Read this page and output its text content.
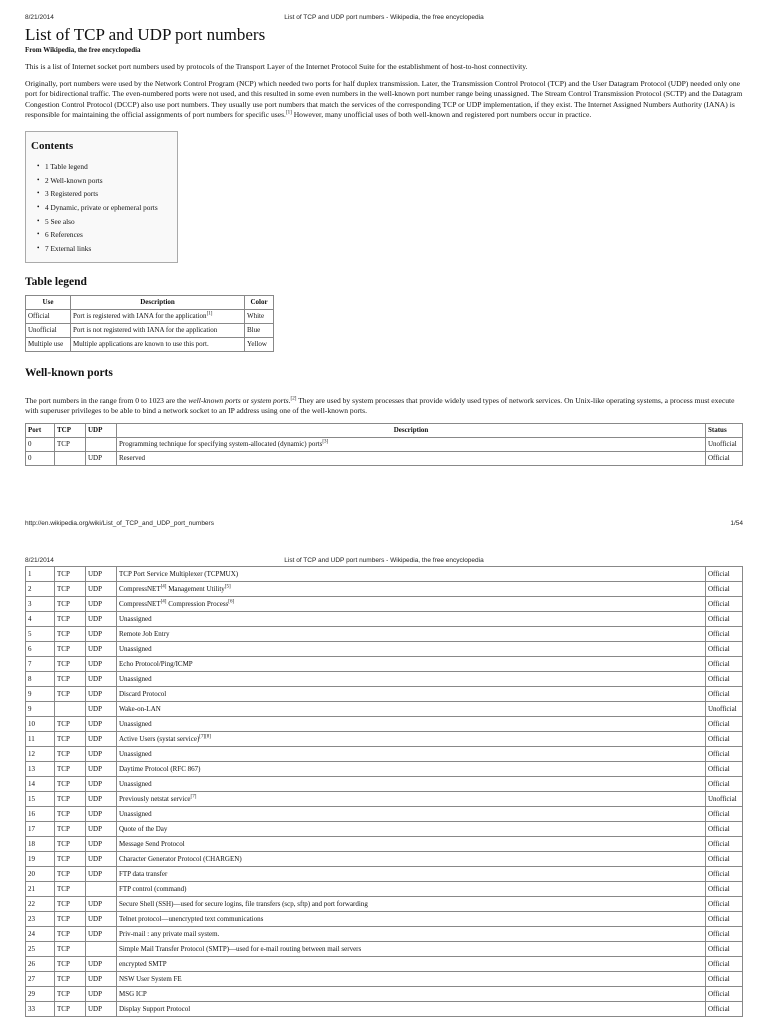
8/21/2014	List of TCP and UDP port numbers - Wikipedia, the free encyclopedia
List of TCP and UDP port numbers
From Wikipedia, the free encyclopedia

This is a list of Internet socket port numbers used by protocols of the Transport Layer of the Internet Protocol Suite for the establishment of host-to-host connectivity.

Originally, port numbers were used by the Network Control Program (NCP) which needed two ports for half duplex transmission. Later, the Transmission Control Protocol (TCP) and the User Datagram Protocol (UDP) needed only one port for bidirectional traffic. The even-numbered ports were not used, and this resulted in some even numbers in the well-known port number range being unassigned. The Stream Control Transmission Protocol (SCTP) and the Datagram Congestion Control Protocol (DCCP) also use port numbers. They usually use port numbers that match the services of the corresponding TCP or UDP implementation, if they exist. The Internet Assigned Numbers Authority (IANA) is responsible for maintaining the official assignments of port numbers for specific uses.[1] However, many unofficial uses of both well-known and registered port numbers occur in practice.

Contents
• 1 Table legend
• 2 Well-known ports
• 3 Registered ports
• 4 Dynamic, private or ephemeral ports
• 5 See also
• 6 References
• 7 External links
Table legend
Use	Description	Color
Official	Port is registered with IANA for the application[1]	White
Unofficial	Port is not registered with IANA for the application	Blue
Multiple use	Multiple applications are known to use this port.	Yellow
Well-known ports

The port numbers in the range from 0 to 1023 are the well-known ports or system ports.[2] They are used by system processes that provide widely used types of network services. On Unix-like operating systems, a process must execute with superuser privileges to be able to bind a network socket to an IP address using one of the well-known ports.

Port	TCP	UDP	Description	Status
0	TCP		Programming technique for specifying system-allocated (dynamic) ports[3]	Unofficial
0		UDP	Reserved	Official
http://en.wikipedia.org/wiki/List_of_TCP_and_UDP_port_numbers	1/54
8/21/2014	List of TCP and UDP port numbers - Wikipedia, the free encyclopedia
1	TCP	UDP	TCP Port Service Multiplexer (TCPMUX)	Official
2	TCP	UDP	CompressNET[4] Management Utility[5]	Official
3	TCP	UDP	CompressNET[4] Compression Process[6]	Official
4	TCP	UDP	Unassigned	Official
5	TCP	UDP	Remote Job Entry	Official
6	TCP	UDP	Unassigned	Official
7	TCP	UDP	Echo Protocol/Ping/ICMP	Official
8	TCP	UDP	Unassigned	Official
9	TCP	UDP	Discard Protocol	Official
9		UDP	Wake-on-LAN	Unofficial
10	TCP	UDP	Unassigned	Official
11	TCP	UDP	Active Users (systat service)[7][8]	Official
12	TCP	UDP	Unassigned	Official
13	TCP	UDP	Daytime Protocol (RFC 867)	Official
14	TCP	UDP	Unassigned	Official
15	TCP	UDP	Previously netstat service[7]	Unofficial
16	TCP	UDP	Unassigned	Official
17	TCP	UDP	Quote of the Day	Official
18	TCP	UDP	Message Send Protocol	Official
19	TCP	UDP	Character Generator Protocol (CHARGEN)	Official
20	TCP	UDP	FTP data transfer	Official
21	TCP		FTP control (command)	Official
22	TCP	UDP	Secure Shell (SSH)—used for secure logins, file transfers (scp, sftp) and port forwarding	Official
23	TCP	UDP	Telnet protocol—unencrypted text communications	Official
24	TCP	UDP	Priv-mail : any private mail system.	Official
25	TCP		Simple Mail Transfer Protocol (SMTP)—used for e-mail routing between mail servers	Official
26	TCP	UDP	encrypted SMTP	Official
27	TCP	UDP	NSW User System FE	Official
29	TCP	UDP	MSG ICP	Official
33	TCP	UDP	Display Support Protocol	Official
